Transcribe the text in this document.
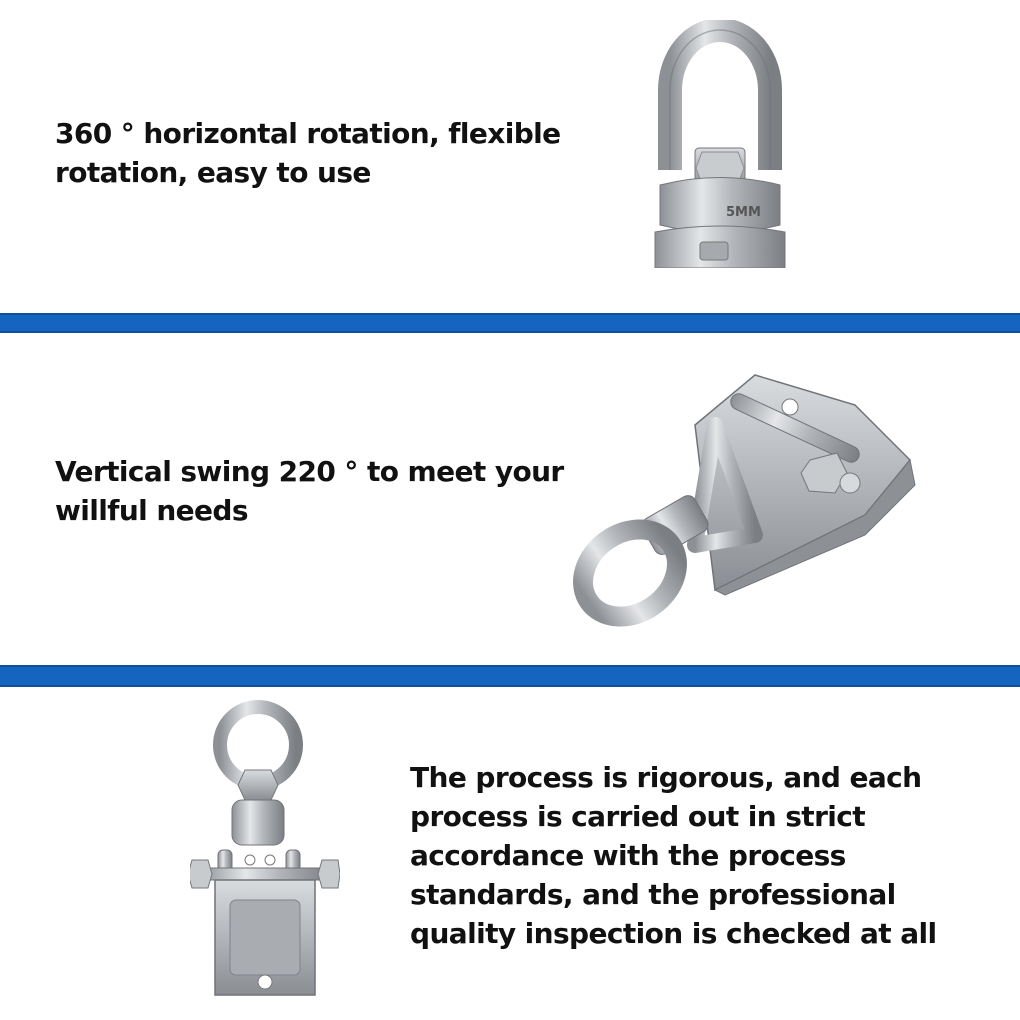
360 ° horizontal rotation, flexible
rotation, easy to use
5MM
Vertical swing 220 ° to meet your
willful needs
The process is rigorous, and each
process is carried out in strict
accordance with the process
standards, and the professional
quality inspection is checked at all
